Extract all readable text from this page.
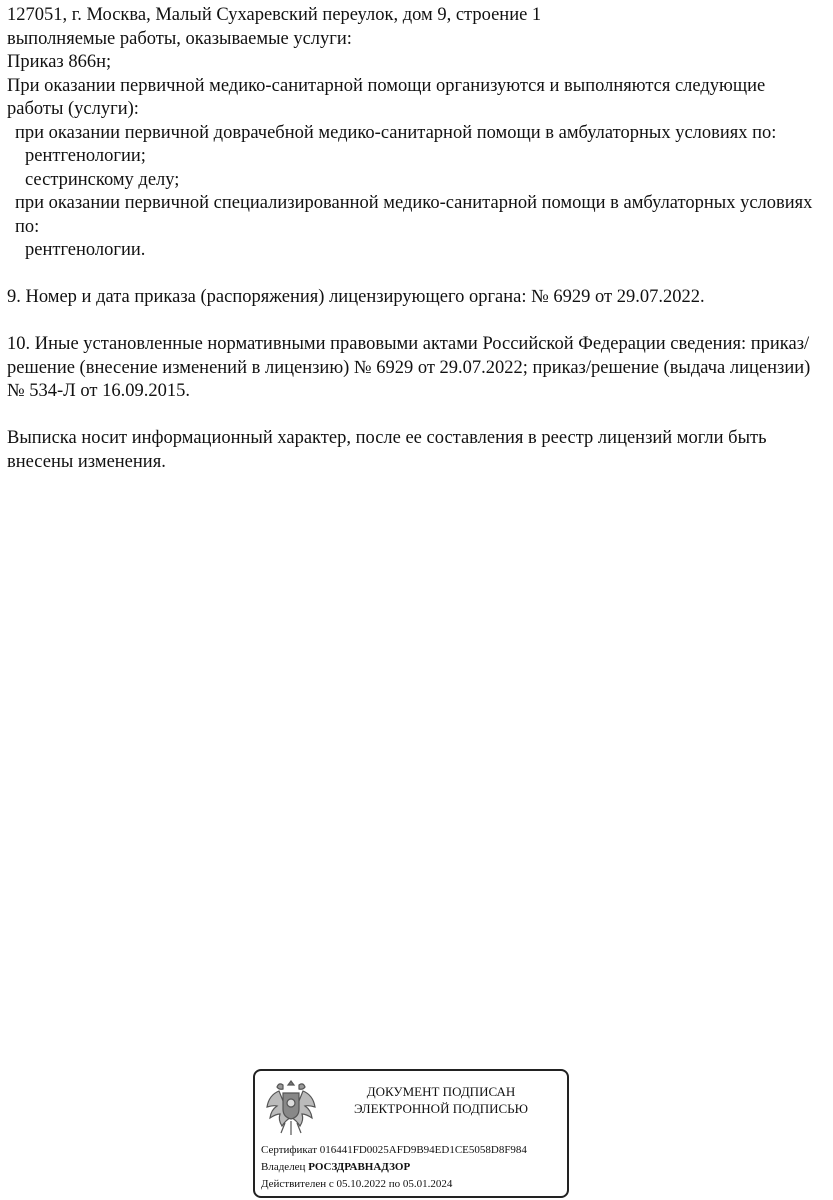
127051, г. Москва, Малый Сухаревский переулок, дом 9, строение 1

выполняемые работы, оказываемые услуги:

Приказ 866н;

При оказании первичной медико-санитарной помощи организуются и выполняются следующие работы (услуги):

при оказании первичной доврачебной медико-санитарной помощи в амбулаторных условиях по:

рентгенологии;

сестринскому делу;

при оказании первичной специализированной медико-санитарной помощи в амбулаторных условиях по:

рентгенологии.

9. Номер и дата приказа (распоряжения) лицензирующего органа: № 6929 от 29.07.2022.

10. Иные установленные нормативными правовыми актами Российской Федерации сведения: приказ/решение (внесение изменений в лицензию) № 6929 от 29.07.2022; приказ/решение (выдача лицензии) № 534-Л от 16.09.2015.

Выписка носит информационный характер, после ее составления в реестр лицензий могли быть внесены изменения.

ДОКУМЕНТ ПОДПИСАН
ЭЛЕКТРОННОЙ ПОДПИСЬЮ
Сертификат 016441FD0025AFD9B94ED1CE5058D8F984
Владелец РОСЗДРАВНАДЗОР
Действителен с 05.10.2022 по 05.01.2024
